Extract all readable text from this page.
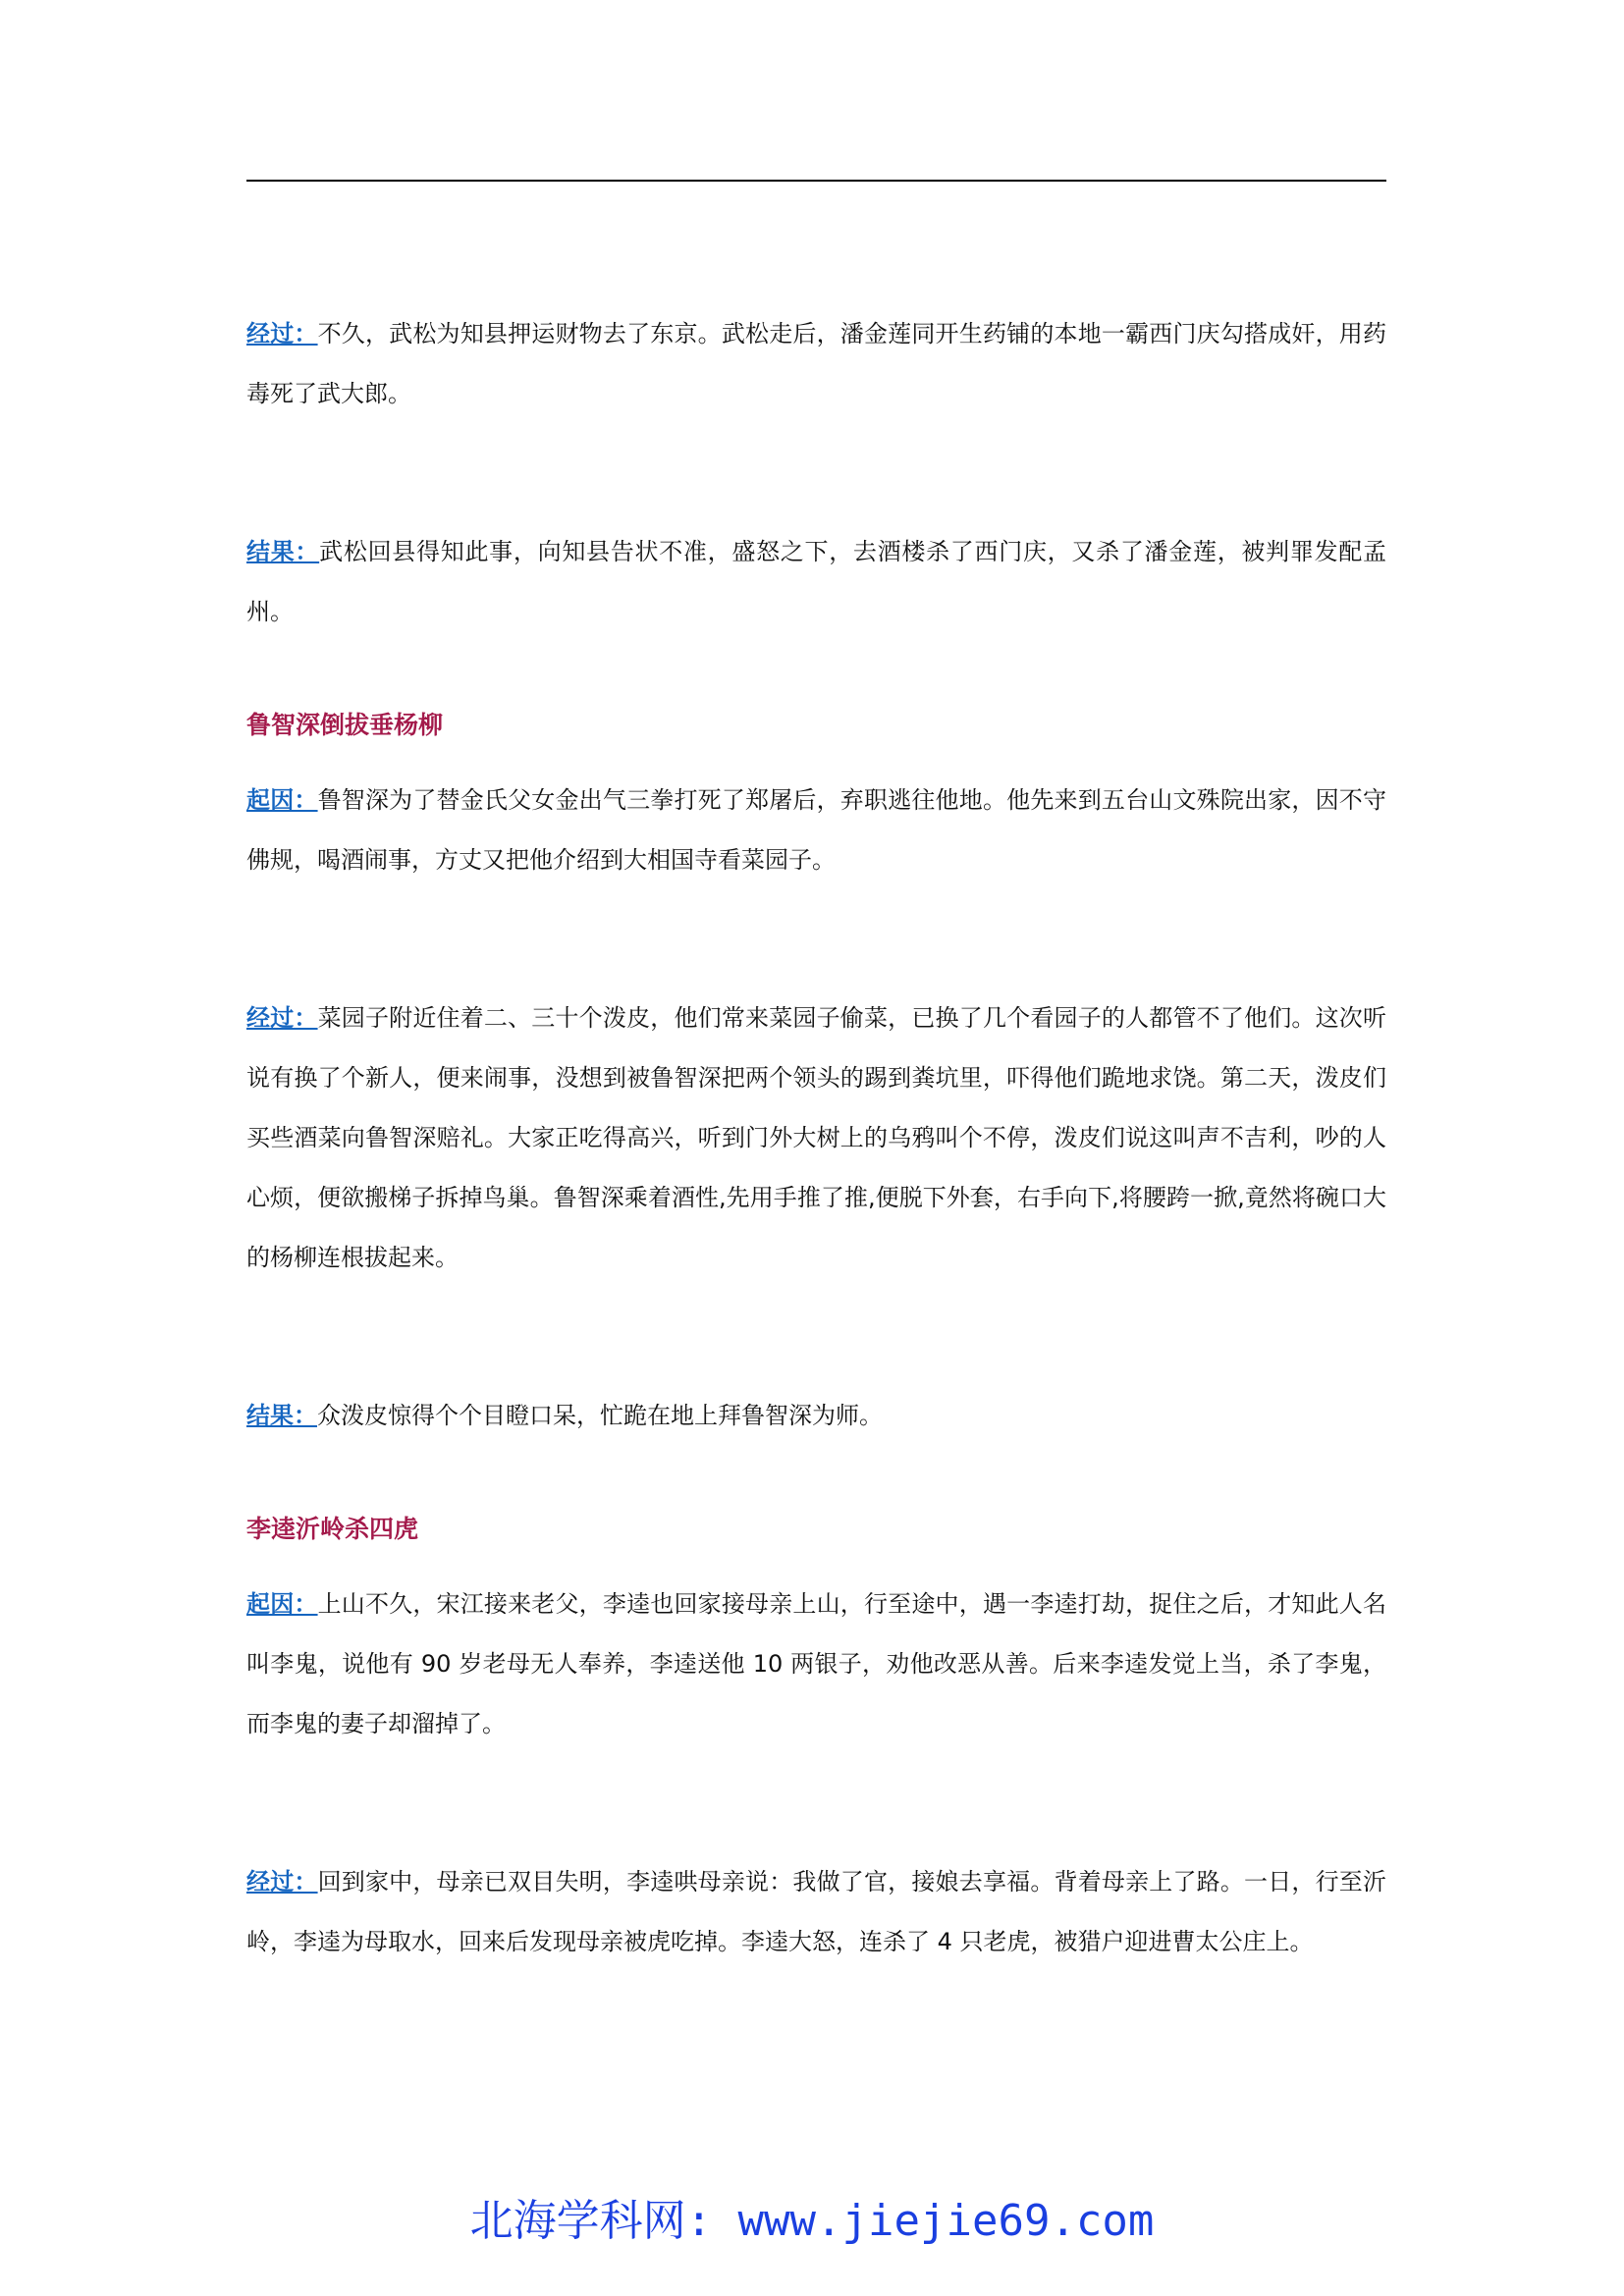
经过：不久，武松为知县押运财物去了东京。武松走后，潘金莲同开生药铺的本地一霸西门庆勾搭成奸，用药毒死了武大郎。

结果：武松回县得知此事，向知县告状不准，盛怒之下，去酒楼杀了西门庆，又杀了潘金莲，被判罪发配孟州。

鲁智深倒拔垂杨柳

起因：鲁智深为了替金氏父女金出气三拳打死了郑屠后，弃职逃往他地。他先来到五台山文殊院出家，因不守佛规，喝酒闹事，方丈又把他介绍到大相国寺看菜园子。

经过：菜园子附近住着二、三十个泼皮，他们常来菜园子偷菜，已换了几个看园子的人都管不了他们。这次听说有换了个新人，便来闹事，没想到被鲁智深把两个领头的踢到粪坑里，吓得他们跪地求饶。第二天，泼皮们买些酒菜向鲁智深赔礼。大家正吃得高兴，听到门外大树上的乌鸦叫个不停，泼皮们说这叫声不吉利，吵的人心烦，便欲搬梯子拆掉鸟巢。鲁智深乘着酒性,先用手推了推,便脱下外套，右手向下,将腰跨一掀,竟然将碗口大的杨柳连根拔起来。

结果：众泼皮惊得个个目瞪口呆，忙跪在地上拜鲁智深为师。

李逵沂岭杀四虎

起因：上山不久，宋江接来老父，李逵也回家接母亲上山，行至途中，遇一李逵打劫，捉住之后，才知此人名叫李鬼，说他有 90 岁老母无人奉养，李逵送他 10 两银子，劝他改恶从善。后来李逵发觉上当，杀了李鬼，而李鬼的妻子却溜掉了。

经过：回到家中，母亲已双目失明，李逵哄母亲说：我做了官，接娘去享福。背着母亲上了路。一日，行至沂岭，李逵为母取水，回来后发现母亲被虎吃掉。李逵大怒，连杀了 4 只老虎，被猎户迎进曹太公庄上。

北海学科网: www.jiejie69.com
